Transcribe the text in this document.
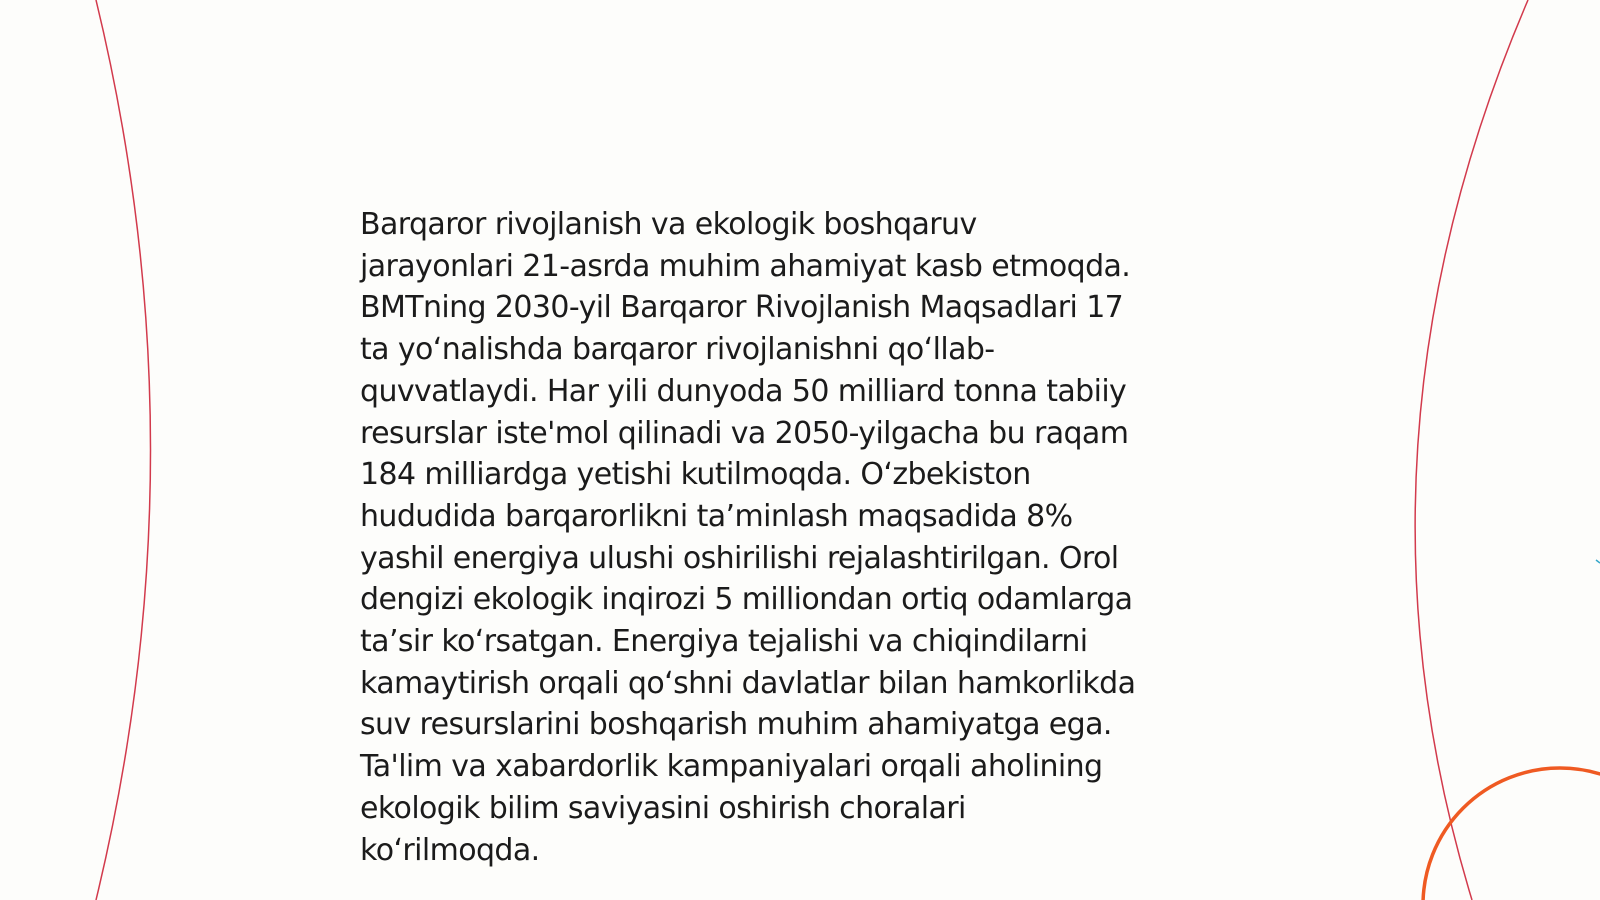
Barqaror rivojlanish va ekologik boshqaruv
jarayonlari 21-asrda muhim ahamiyat kasb etmoqda.
BMTning 2030-yil Barqaror Rivojlanish Maqsadlari 17
ta yo‘nalishda barqaror rivojlanishni qo‘llab-
quvvatlaydi. Har yili dunyoda 50 milliard tonna tabiiy
resurslar iste'mol qilinadi va 2050-yilgacha bu raqam
184 milliardga yetishi kutilmoqda. O‘zbekiston
hududida barqarorlikni ta’minlash maqsadida 8%
yashil energiya ulushi oshirilishi rejalashtirilgan. Orol
dengizi ekologik inqirozi 5 milliondan ortiq odamlarga
ta’sir ko‘rsatgan. Energiya tejalishi va chiqindilarni
kamaytirish orqali qo‘shni davlatlar bilan hamkorlikda
suv resurslarini boshqarish muhim ahamiyatga ega.
Ta'lim va xabardorlik kampaniyalari orqali aholining
ekologik bilim saviyasini oshirish choralari
ko‘rilmoqda.
